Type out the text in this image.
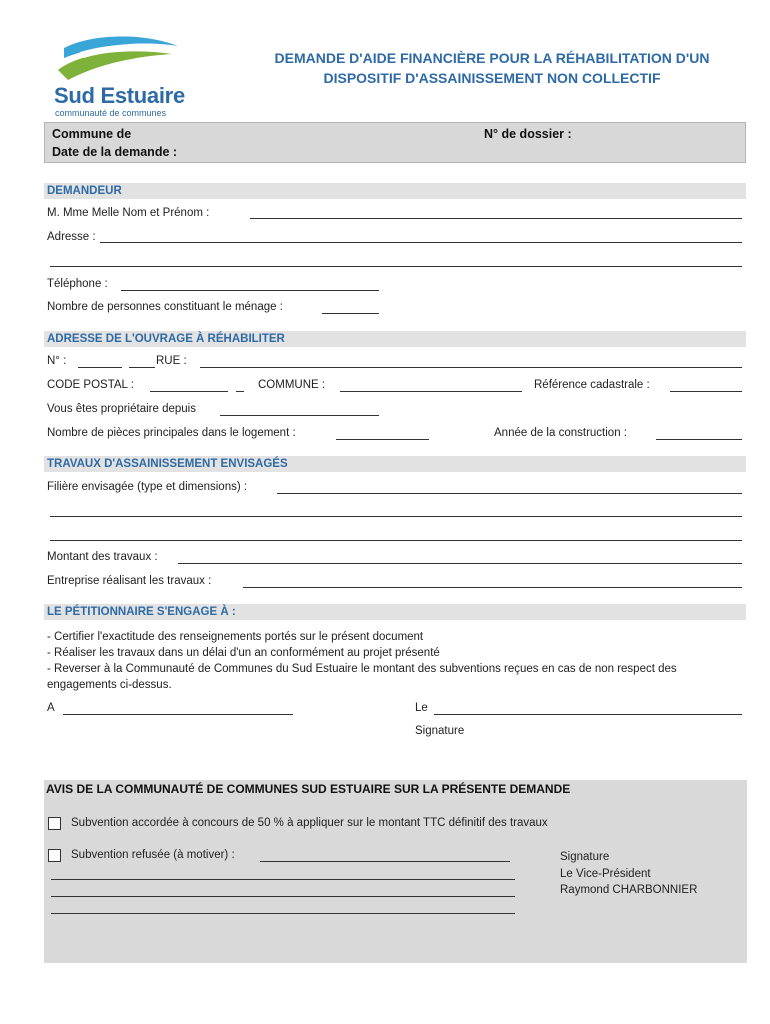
Sud Estuaire
communauté de communes
DEMANDE D'AIDE FINANCIÈRE POUR LA RÉHABILITATION D'UN
DISPOSITIF D'ASSAINISSEMENT NON COLLECTIF
Commune de
Date de la demande :
N° de dossier :
DEMANDEUR
M. Mme Melle Nom et Prénom :
Adresse :
Téléphone :
Nombre de personnes constituant le ménage :
ADRESSE DE L'OUVRAGE À RÉHABILITER
N° :	RUE :
CODE POSTAL :	COMMUNE :	Référence cadastrale :
Vous êtes propriétaire depuis
Nombre de pièces principales dans le logement :	Année de la construction :
TRAVAUX D'ASSAINISSEMENT ENVISAGÉS
Filière envisagée (type et dimensions) :
Montant des travaux :
Entreprise réalisant les travaux :
LE PÉTITIONNAIRE S'ENGAGE À :
- Certifier l'exactitude des renseignements portés sur le présent document
- Réaliser les travaux dans un délai d'un an conformément au projet présenté
- Reverser à la Communauté de Communes du Sud Estuaire le montant des subventions reçues en cas de non respect des engagements ci-dessus.
A	Le
Signature
AVIS DE LA COMMUNAUTÉ DE COMMUNES SUD ESTUAIRE SUR LA PRÉSENTE DEMANDE
Subvention accordée à concours de 50 % à appliquer sur le montant TTC définitif des travaux
Subvention refusée (à motiver) :	Signature
Le Vice-Président
Raymond CHARBONNIER
